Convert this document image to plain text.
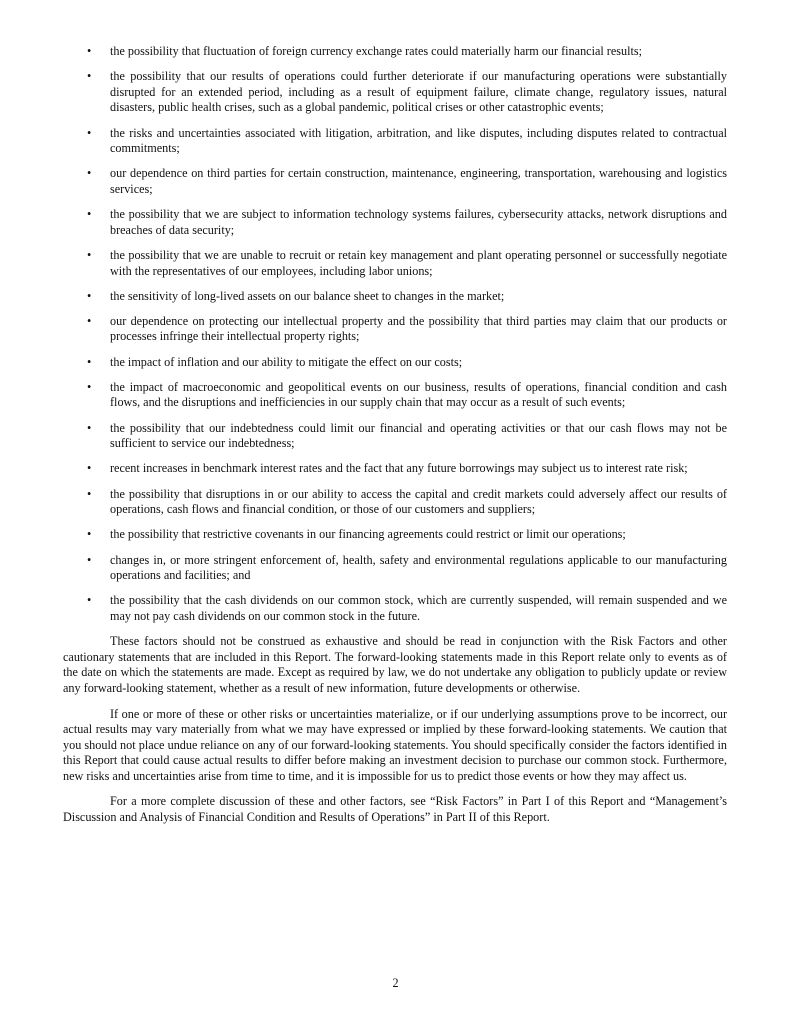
• the possibility that fluctuation of foreign currency exchange rates could materially harm our financial results;
• the possibility that our results of operations could further deteriorate if our manufacturing operations were substantially disrupted for an extended period, including as a result of equipment failure, climate change, regulatory issues, natural disasters, public health crises, such as a global pandemic, political crises or other catastrophic events;
• the risks and uncertainties associated with litigation, arbitration, and like disputes, including disputes related to contractual commitments;
• our dependence on third parties for certain construction, maintenance, engineering, transportation, warehousing and logistics services;
• the possibility that we are subject to information technology systems failures, cybersecurity attacks, network disruptions and breaches of data security;
• the possibility that we are unable to recruit or retain key management and plant operating personnel or successfully negotiate with the representatives of our employees, including labor unions;
• the sensitivity of long-lived assets on our balance sheet to changes in the market;
• our dependence on protecting our intellectual property and the possibility that third parties may claim that our products or processes infringe their intellectual property rights;
• the impact of inflation and our ability to mitigate the effect on our costs;
• the impact of macroeconomic and geopolitical events on our business, results of operations, financial condition and cash flows, and the disruptions and inefficiencies in our supply chain that may occur as a result of such events;
• the possibility that our indebtedness could limit our financial and operating activities or that our cash flows may not be sufficient to service our indebtedness;
• recent increases in benchmark interest rates and the fact that any future borrowings may subject us to interest rate risk;
• the possibility that disruptions in or our ability to access the capital and credit markets could adversely affect our results of operations, cash flows and financial condition, or those of our customers and suppliers;
• the possibility that restrictive covenants in our financing agreements could restrict or limit our operations;
• changes in, or more stringent enforcement of, health, safety and environmental regulations applicable to our manufacturing operations and facilities; and
• the possibility that the cash dividends on our common stock, which are currently suspended, will remain suspended and we may not pay cash dividends on our common stock in the future.

These factors should not be construed as exhaustive and should be read in conjunction with the Risk Factors and other cautionary statements that are included in this Report. The forward-looking statements made in this Report relate only to events as of the date on which the statements are made. Except as required by law, we do not undertake any obligation to publicly update or review any forward-looking statement, whether as a result of new information, future developments or otherwise.

If one or more of these or other risks or uncertainties materialize, or if our underlying assumptions prove to be incorrect, our actual results may vary materially from what we may have expressed or implied by these forward-looking statements. We caution that you should not place undue reliance on any of our forward-looking statements. You should specifically consider the factors identified in this Report that could cause actual results to differ before making an investment decision to purchase our common stock. Furthermore, new risks and uncertainties arise from time to time, and it is impossible for us to predict those events or how they may affect us.

For a more complete discussion of these and other factors, see “Risk Factors” in Part I of this Report and “Management’s Discussion and Analysis of Financial Condition and Results of Operations” in Part II of this Report.

2
